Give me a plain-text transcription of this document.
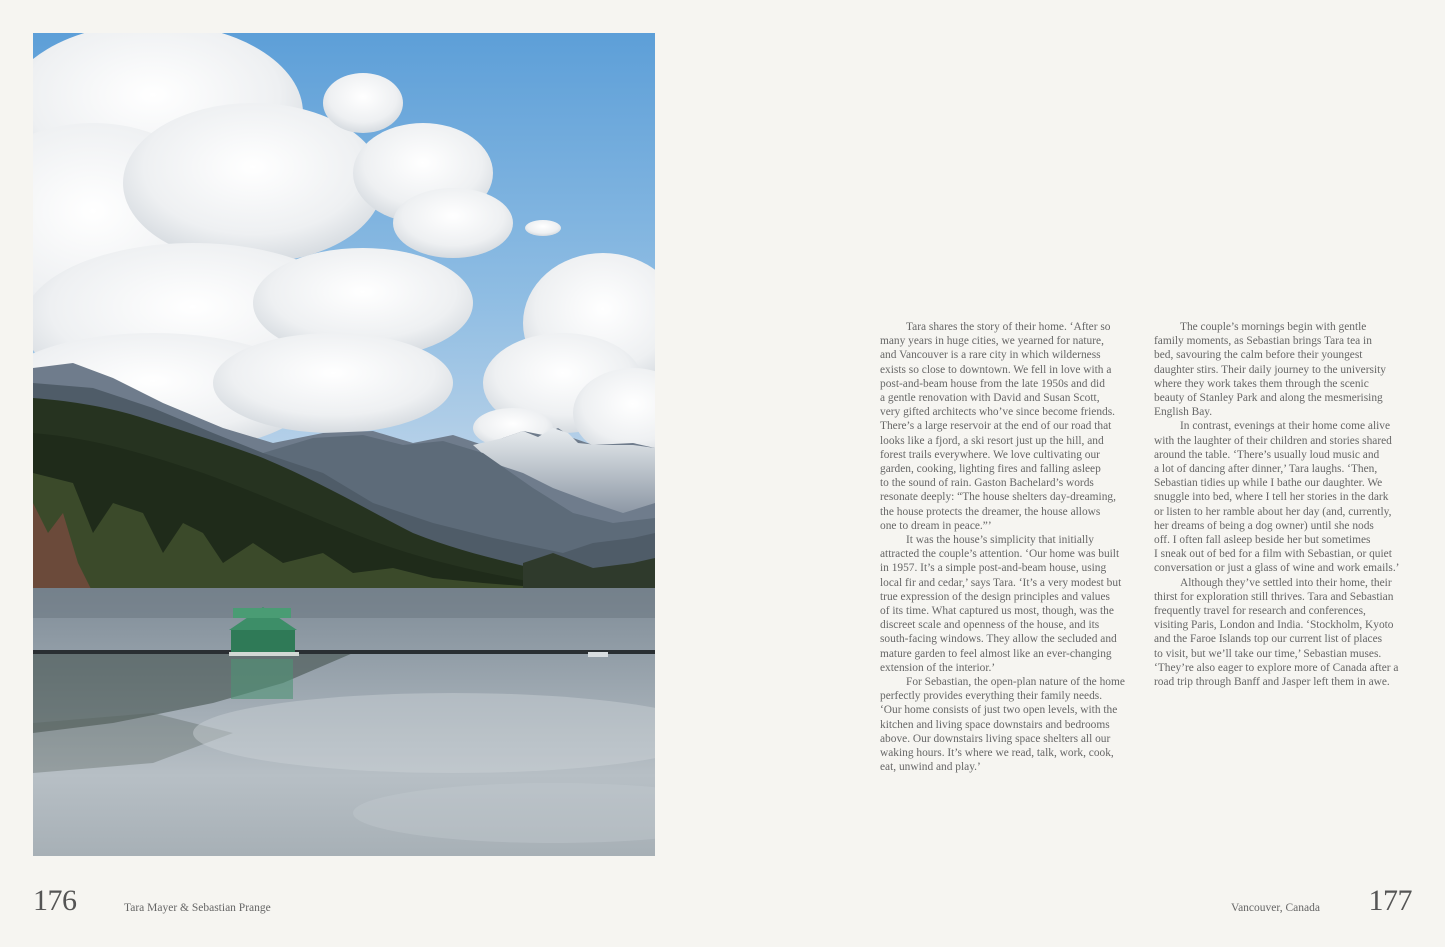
Tara shares the story of their home. ‘After so
many years in huge cities, we yearned for nature,
and Vancouver is a rare city in which wilderness
exists so close to downtown. We fell in love with a
post-and-beam house from the late 1950s and did
a gentle renovation with David and Susan Scott,
very gifted architects who’ve since become friends.
There’s a large reservoir at the end of our road that
looks like a fjord, a ski resort just up the hill, and
forest trails everywhere. We love cultivating our
garden, cooking, lighting fires and falling asleep
to the sound of rain. Gaston Bachelard’s words
resonate deeply: “The house shelters day-dreaming,
the house protects the dreamer, the house allows
one to dream in peace.”’

It was the house’s simplicity that initially
attracted the couple’s attention. ‘Our home was built
in 1957. It’s a simple post-and-beam house, using
local fir and cedar,’ says Tara. ‘It’s a very modest but
true expression of the design principles and values
of its time. What captured us most, though, was the
discreet scale and openness of the house, and its
south-facing windows. They allow the secluded and
mature garden to feel almost like an ever-changing
extension of the interior.’

For Sebastian, the open-plan nature of the home
perfectly provides everything their family needs.
‘Our home consists of just two open levels, with the
kitchen and living space downstairs and bedrooms
above. Our downstairs living space shelters all our
waking hours. It’s where we read, talk, work, cook,
eat, unwind and play.’

The couple’s mornings begin with gentle
family moments, as Sebastian brings Tara tea in
bed, savouring the calm before their youngest
daughter stirs. Their daily journey to the university
where they work takes them through the scenic
beauty of Stanley Park and along the mesmerising
English Bay.

In contrast, evenings at their home come alive
with the laughter of their children and stories shared
around the table. ‘There’s usually loud music and
a lot of dancing after dinner,’ Tara laughs. ‘Then,
Sebastian tidies up while I bathe our daughter. We
snuggle into bed, where I tell her stories in the dark
or listen to her ramble about her day (and, currently,
her dreams of being a dog owner) until she nods
off. I often fall asleep beside her but sometimes
I sneak out of bed for a film with Sebastian, or quiet
conversation or just a glass of wine and work emails.’

Although they’ve settled into their home, their
thirst for exploration still thrives. Tara and Sebastian
frequently travel for research and conferences,
visiting Paris, London and India. ‘Stockholm, Kyoto
and the Faroe Islands top our current list of places
to visit, but we’ll take our time,’ Sebastian muses.
‘They’re also eager to explore more of Canada after a
road trip through Banff and Jasper left them in awe.

176	Tara Mayer & Sebastian Prange	Vancouver, Canada 177
